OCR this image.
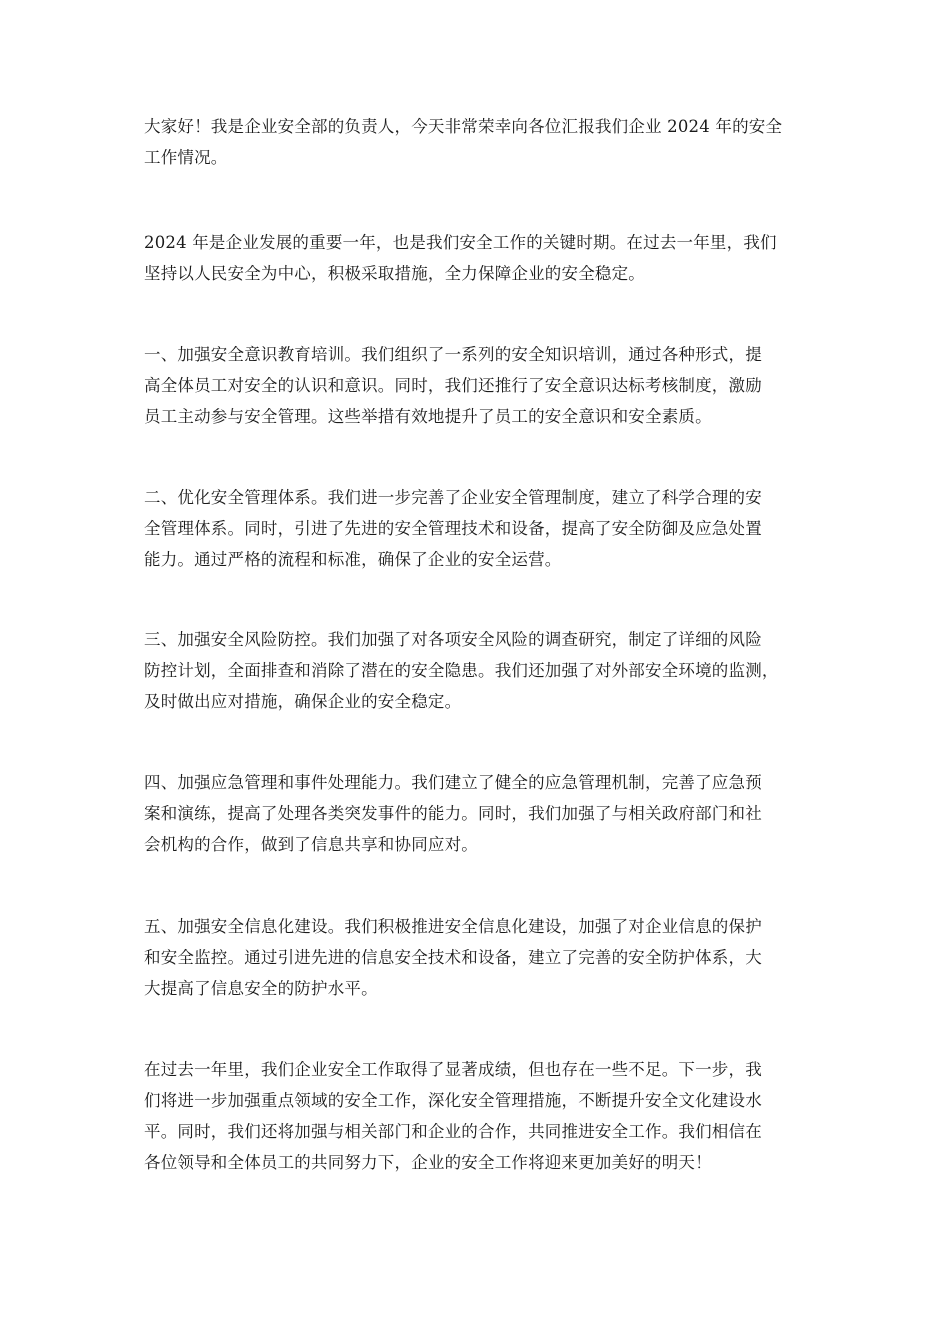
大家好！我是企业安全部的负责人，今天非常荣幸向各位汇报我们企业 2024 年的安全
工作情况。

2024 年是企业发展的重要一年，也是我们安全工作的关键时期。在过去一年里，我们
坚持以人民安全为中心，积极采取措施，全力保障企业的安全稳定。

一、加强安全意识教育培训。我们组织了一系列的安全知识培训，通过各种形式，提
高全体员工对安全的认识和意识。同时，我们还推行了安全意识达标考核制度，激励
员工主动参与安全管理。这些举措有效地提升了员工的安全意识和安全素质。

二、优化安全管理体系。我们进一步完善了企业安全管理制度，建立了科学合理的安
全管理体系。同时，引进了先进的安全管理技术和设备，提高了安全防御及应急处置
能力。通过严格的流程和标准，确保了企业的安全运营。

三、加强安全风险防控。我们加强了对各项安全风险的调查研究，制定了详细的风险
防控计划，全面排查和消除了潜在的安全隐患。我们还加强了对外部安全环境的监测，
及时做出应对措施，确保企业的安全稳定。

四、加强应急管理和事件处理能力。我们建立了健全的应急管理机制，完善了应急预
案和演练，提高了处理各类突发事件的能力。同时，我们加强了与相关政府部门和社
会机构的合作，做到了信息共享和协同应对。

五、加强安全信息化建设。我们积极推进安全信息化建设，加强了对企业信息的保护
和安全监控。通过引进先进的信息安全技术和设备，建立了完善的安全防护体系，大
大提高了信息安全的防护水平。

在过去一年里，我们企业安全工作取得了显著成绩，但也存在一些不足。下一步，我
们将进一步加强重点领域的安全工作，深化安全管理措施，不断提升安全文化建设水
平。同时，我们还将加强与相关部门和企业的合作，共同推进安全工作。我们相信在
各位领导和全体员工的共同努力下，企业的安全工作将迎来更加美好的明天！
